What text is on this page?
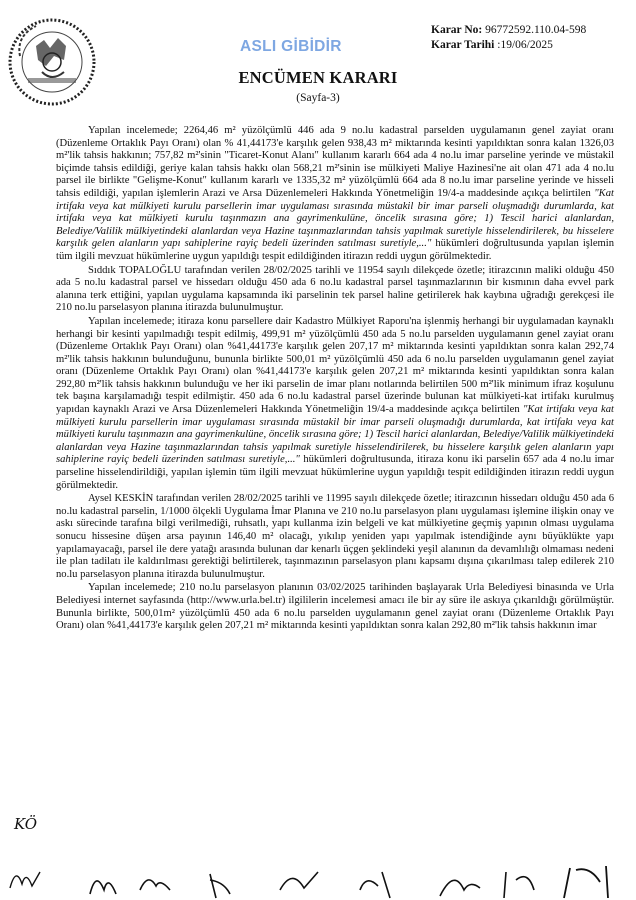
ASLI GİBİDİR
Karar No: 96772592.110.04-598
Karar Tarihi :19/06/2025
ENCÜMEN KARARI
(Sayfa-3)

Yapılan incelemede; 2264,46 m² yüzölçümlü 446 ada 9 no.lu kadastral parselden uygulamanın genel zayiat oranı (Düzenleme Ortaklık Payı Oranı) olan % 41,44173'e karşılık gelen 938,43 m² miktarında kesinti yapıldıktan sonra kalan 1326,03 m²'lik tahsis hakkının; 757,82 m²'sinin "Ticaret-Konut Alanı" kullanım kararlı 664 ada 4 no.lu imar parseline yerinde ve müstakil biçimde tahsis edildiği, geriye kalan tahsis hakkı olan 568,21 m²'sinin ise mülkiyeti Maliye Hazinesi'ne ait olan 471 ada 4 no.lu parsel ile birlikte "Gelişme-Konut" kullanım kararlı ve 1335,32 m² yüzölçümlü 664 ada 8 no.lu imar parseline yerinde ve hisseli tahsis edildiği, yapılan işlemlerin Arazi ve Arsa Düzenlemeleri Hakkında Yönetmeliğin 19/4-a maddesinde açıkça belirtilen "Kat irtifakı veya kat mülkiyeti kurulu parsellerin imar uygulaması sırasında müstakil bir imar parseli oluşmadığı durumlarda, kat irtifakı veya kat mülkiyeti kurulu taşınmazın ana gayrimenkulüne, öncelik sırasına göre; 1) Tescil harici alanlardan, Belediye/Valilik mülkiyetindeki alanlardan veya Hazine taşınmazlarından tahsis yapılmak suretiyle hisselendirilerek, bu hisselere karşılık gelen alanların yapı sahiplerine rayiç bedeli üzerinden satılması suretiyle,..." hükümleri doğrultusunda yapılan işlemin tüm ilgili mevzuat hükümlerine uygun yapıldığı tespit edildiğinden itirazın reddi uygun görülmektedir.

Sıddık TOPALOĞLU tarafından verilen 28/02/2025 tarihli ve 11954 sayılı dilekçede özetle; itirazcının maliki olduğu 450 ada 5 no.lu kadastral parsel ve hissedarı olduğu 450 ada 6 no.lu kadastral parsel taşınmazlarının bir kısmının daha evvel park alanına terk ettiğini, yapılan uygulama kapsamında iki parselinin tek parsel haline getirilerek hak kaybına uğradığı gerekçesi ile 210 no.lu parselasyon planına itirazda bulunulmuştur.

Yapılan incelemede; itiraza konu parsellere dair Kadastro Mülkiyet Raporu'na işlenmiş herhangi bir uygulamadan kaynaklı herhangi bir kesinti yapılmadığı tespit edilmiş, 499,91 m² yüzölçümlü 450 ada 5 no.lu parselden uygulamanın genel zayiat oranı (Düzenleme Ortaklık Payı Oranı) olan %41,44173'e karşılık gelen 207,17 m² miktarında kesinti yapıldıktan sonra kalan 292,74 m²'lik tahsis hakkının bulunduğunu, bununla birlikte 500,01 m² yüzölçümlü 450 ada 6 no.lu parselden uygulamanın genel zayiat oranı (Düzenleme Ortaklık Payı Oranı) olan %41,44173'e karşılık gelen 207,21 m² miktarında kesinti yapıldıktan sonra kalan 292,80 m²'lik tahsis hakkının bulunduğu ve her iki parselin de imar planı notlarında belirtilen 500 m²'lik minimum ifraz koşulunu tek başına karşılamadığı tespit edilmiştir. 450 ada 6 no.lu kadastral parsel üzerinde bulunan kat mülkiyeti-kat irtifakı kurulmuş yapıdan kaynaklı Arazi ve Arsa Düzenlemeleri Hakkında Yönetmeliğin 19/4-a maddesinde açıkça belirtilen "Kat irtifakı veya kat mülkiyeti kurulu parsellerin imar uygulaması sırasında müstakil bir imar parseli oluşmadığı durumlarda, kat irtifakı veya kat mülkiyeti kurulu taşınmazın ana gayrimenkulüne, öncelik sırasına göre; 1) Tescil harici alanlardan, Belediye/Valilik mülkiyetindeki alanlardan veya Hazine taşınmazlarından tahsis yapılmak suretiyle hisselendirilerek, bu hisselere karşılık gelen alanların yapı sahiplerine rayiç bedeli üzerinden satılması suretiyle,..." hükümleri doğrultusunda, itiraza konu iki parselin 657 ada 4 no.lu imar parseline hisselendirildiği, yapılan işlemin tüm ilgili mevzuat hükümlerine uygun yapıldığı tespit edildiğinden itirazın reddi uygun görülmektedir.

Aysel KESKİN tarafından verilen 28/02/2025 tarihli ve 11995 sayılı dilekçede özetle; itirazcının hissedarı olduğu 450 ada 6 no.lu kadastral parselin, 1/1000 ölçekli Uygulama İmar Planına ve 210 no.lu parselasyon planı uygulaması işlemine ilişkin onay ve askı sürecinde tarafına bilgi verilmediği, ruhsatlı, yapı kullanma izin belgeli ve kat mülkiyetine geçmiş yapının olması uygulama sonucu hissesine düşen arsa payının 146,40 m² olacağı, yıkılıp yeniden yapı yapılmak istendiğinde aynı büyüklükte yapı yapılamayacağı, parsel ile dere yatağı arasında bulunan dar kenarlı üçgen şeklindeki yeşil alanının da devamlılığı olmaması nedeni ile plan tadilatı ile kaldırılması gerektiği belirtilerek, taşınmazının parselasyon planı kapsamı dışına çıkarılması talep edilerek 210 no.lu parselasyon planına itirazda bulunulmuştur.

Yapılan incelemede; 210 no.lu parselasyon planının 03/02/2025 tarihinden başlayarak Urla Belediyesi binasında ve Urla Belediyesi internet sayfasında (http://www.urla.bel.tr) ilgililerin incelemesi amacı ile bir ay süre ile askıya çıkarıldığı görülmüştür. Bununla birlikte, 500,01m² yüzölçümlü 450 ada 6 no.lu parselden uygulamanın genel zayiat oranı (Düzenleme Ortaklık Payı Oranı) olan %41,44173'e karşılık gelen 207,21 m² miktarında kesinti yapıldıktan sonra kalan 292,80 m²'lik tahsis hakkının imar

KÖ
